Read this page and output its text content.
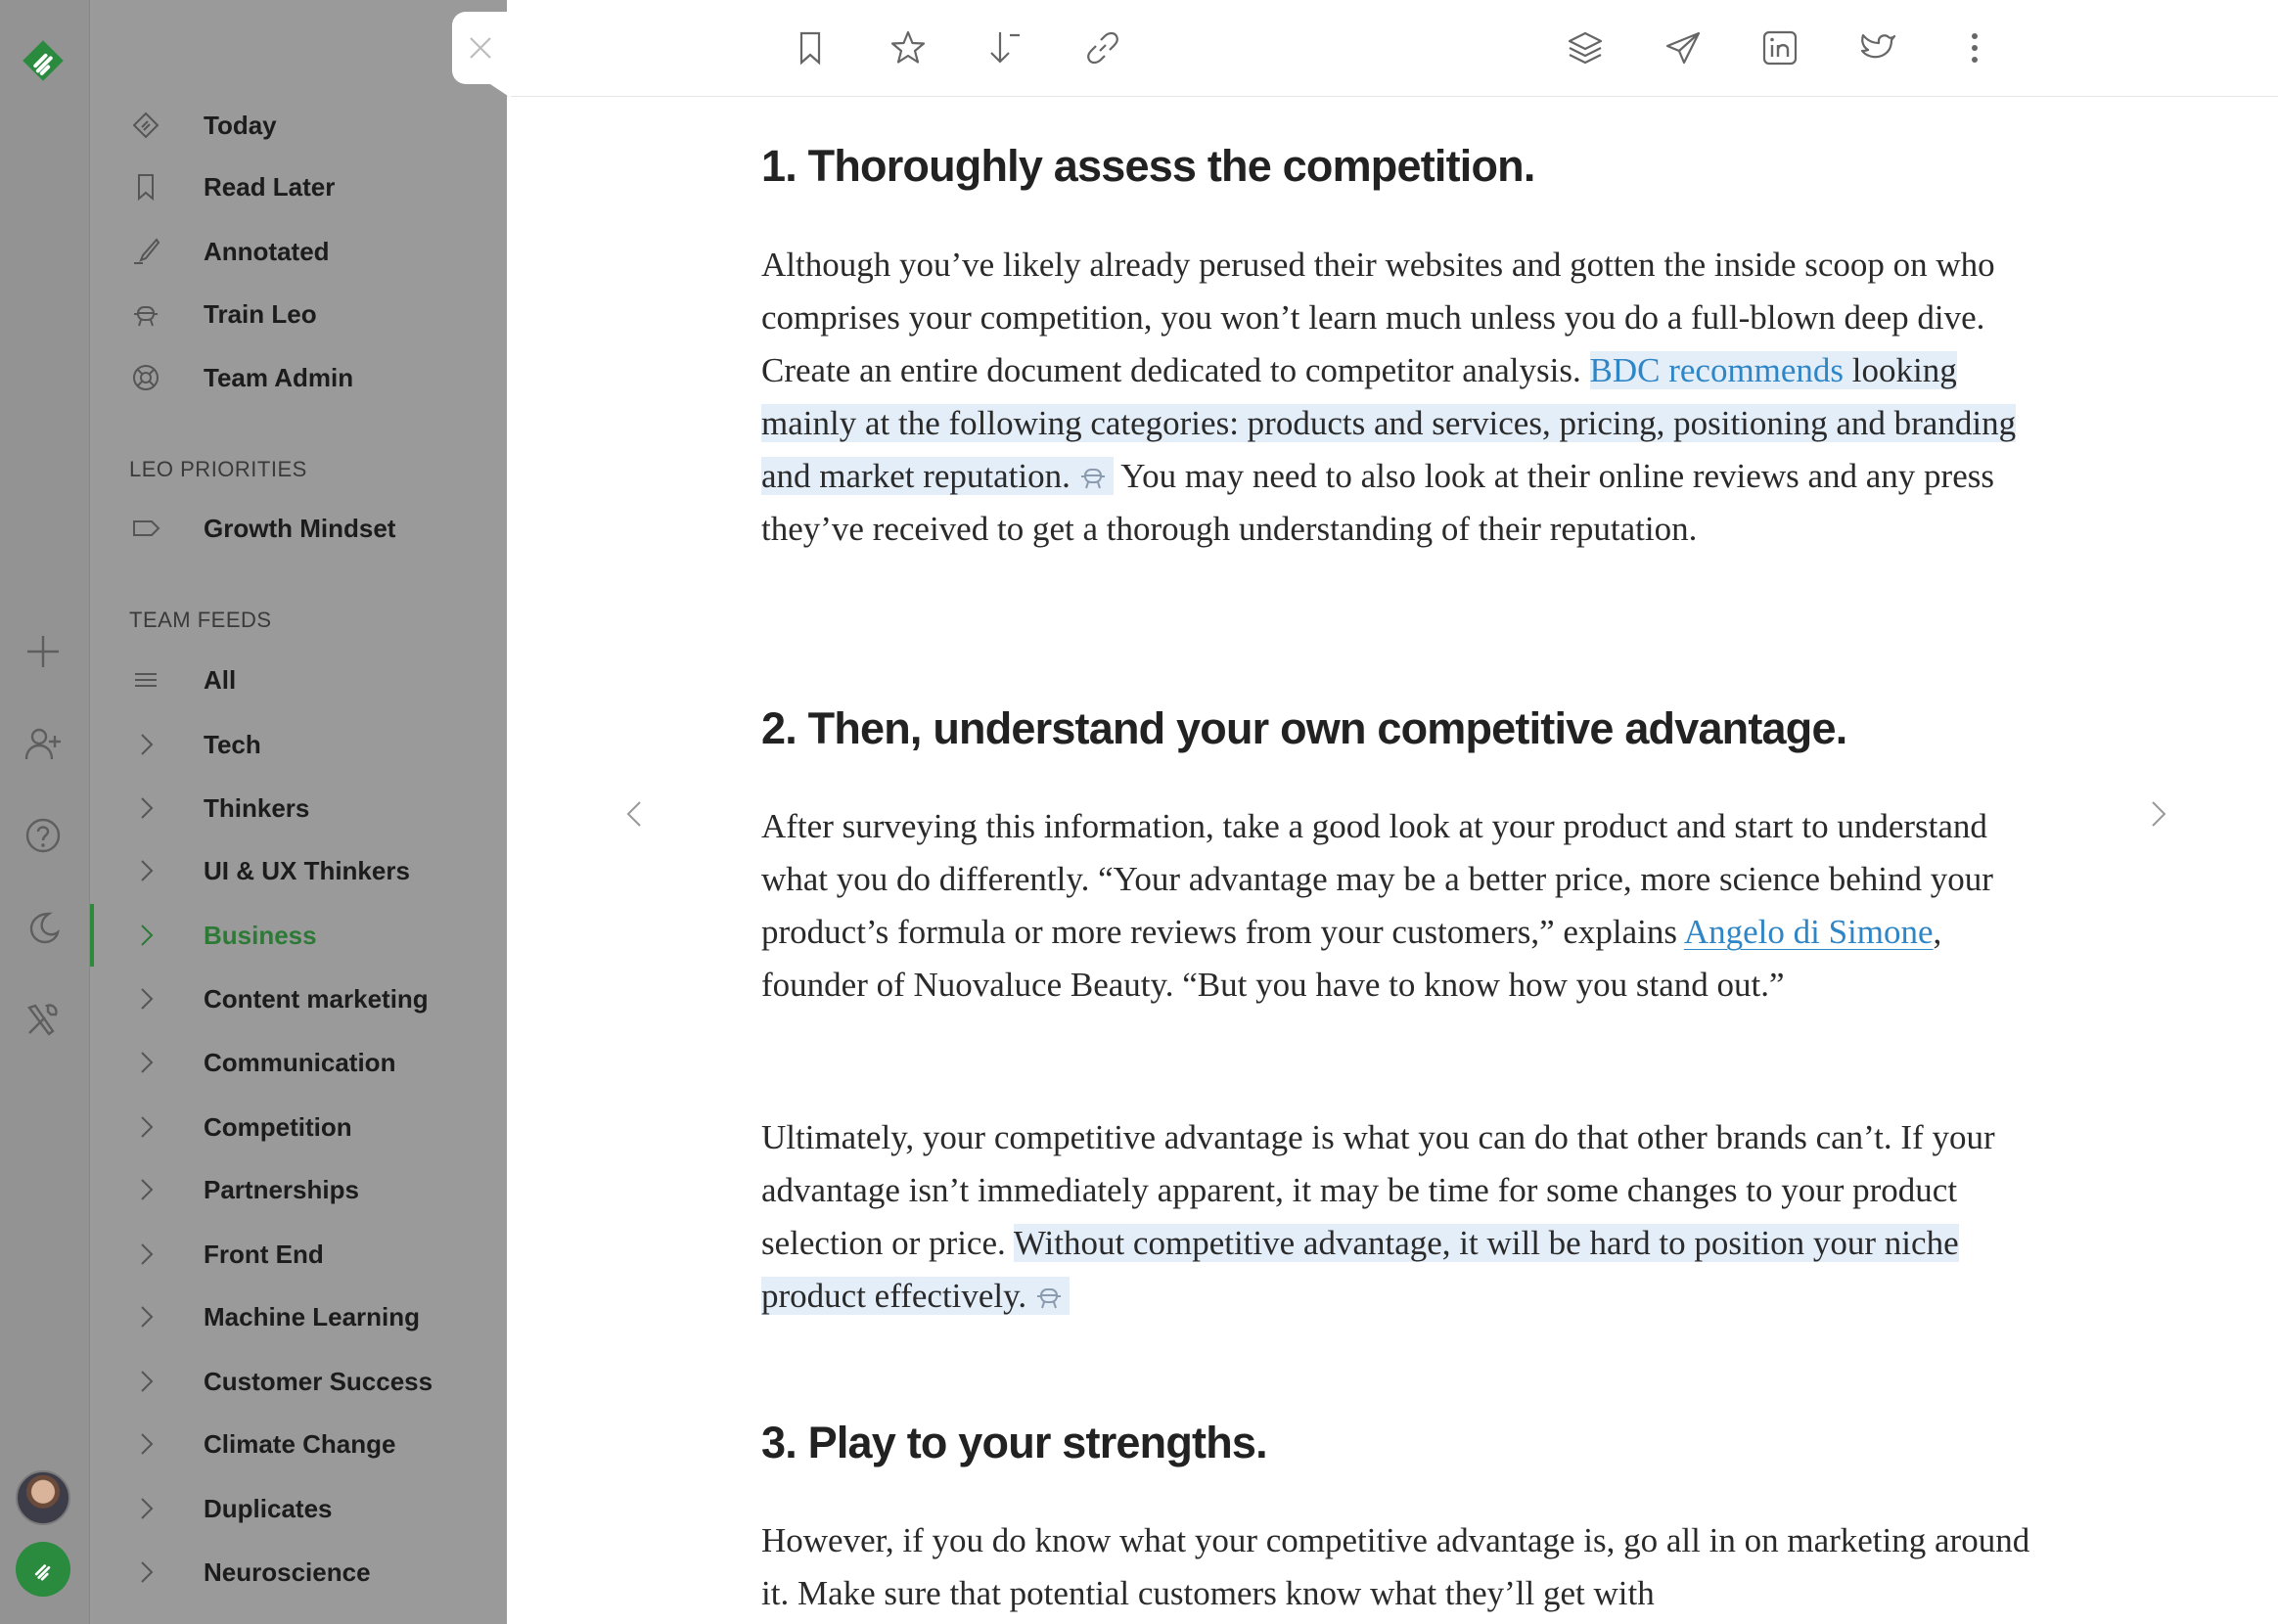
Today
Read Later
Annotated
Train Leo
Team Admin
LEO PRIORITIES
Growth Mindset
TEAM FEEDS
All
Tech
Thinkers
UI & UX Thinkers
Business
Content marketing
Communication
Competition
Partnerships
Front End
Machine Learning
Customer Success
Climate Change
Duplicates
Neuroscience
1. Thoroughly assess the competition.

Although you’ve likely already perused their websites and gotten the inside scoop on who comprises your competition, you won’t learn much unless you do a full-blown deep dive. Create an entire document dedicated to competitor analysis. BDC recommends looking mainly at the following categories: products and services, pricing, positioning and branding and market reputation. You may need to also look at their online reviews and any press they’ve received to get a thorough understanding of their reputation.

2. Then, understand your own competitive advantage.

After surveying this information, take a good look at your product and start to understand what you do differently. “Your advantage may be a better price, more science behind your product’s formula or more reviews from your customers,” explains Angelo di Simone, founder of Nuovaluce Beauty. “But you have to know how you stand out.”

Ultimately, your competitive advantage is what you can do that other brands can’t. If your advantage isn’t immediately apparent, it may be time for some changes to your product selection or price. Without competitive advantage, it will be hard to position your niche product effectively.

3. Play to your strengths.

However, if you do know what your competitive advantage is, go all in on marketing around it. Make sure that potential customers know what they’ll get with
